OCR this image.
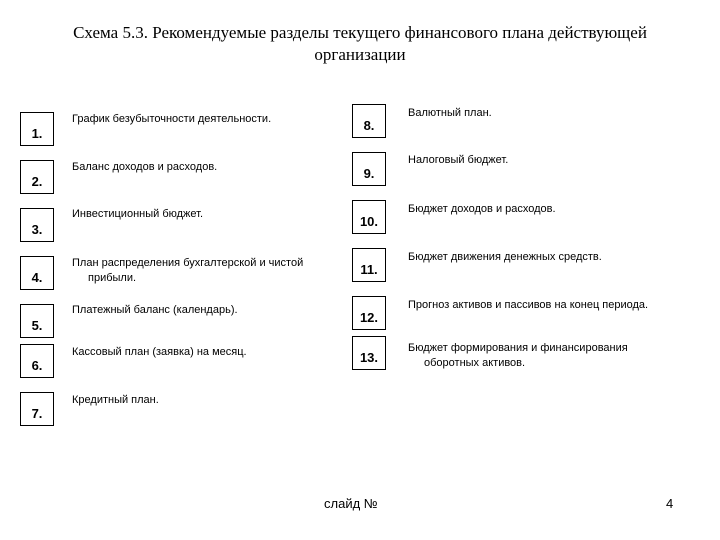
Схема 5.3. Рекомендуемые разделы текущего финансового плана действующей
организации
1.
График безубыточности деятельности.
2.
Баланс доходов и расходов.
3.
Инвестиционный бюджет.
4.
План распределения бухгалтерской и чистой
прибыли.
5.
Платежный баланс (календарь).
6.
Кассовый план (заявка) на месяц.
7.
Кредитный план.
8.
Валютный план.
9.
Налоговый бюджет.
10.
Бюджет доходов и расходов.
11.
Бюджет движения денежных средств.
12.
Прогноз активов и пассивов на конец периода.
13.
Бюджет формирования и финансирования
оборотных активов.
слайд №	4
